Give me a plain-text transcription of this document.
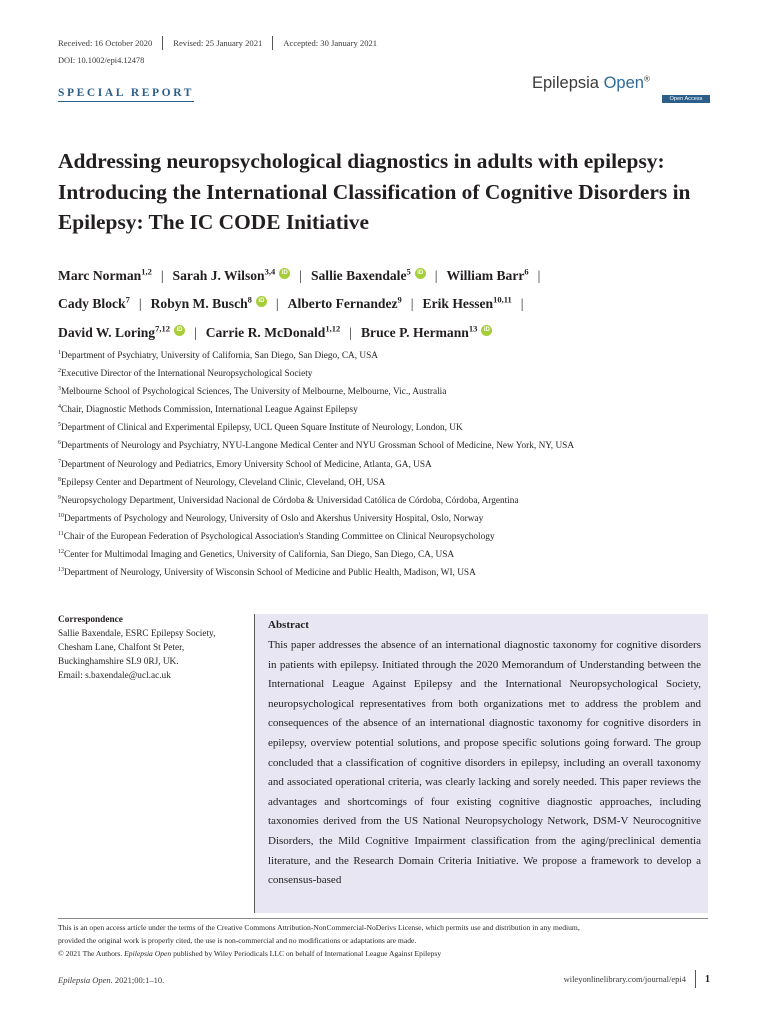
Received: 16 October 2020	Revised: 25 January 2021	Accepted: 30 January 2021
DOI: 10.1002/epi4.12478
SPECIAL REPORT
Epilepsia Open®
Open Access
Addressing neuropsychological diagnostics in adults with epilepsy: Introducing the International Classification of Cognitive Disorders in Epilepsy: The IC CODE Initiative
Marc Norman$^{1,2}$ | Sarah J. Wilson$^{3,4}$ iD | Sallie Baxendale$^5$ iD | William Barr$^6$ |
Cady Block$^7$ | Robyn M. Busch$^8$ iD | Alberto Fernandez$^9$ | Erik Hessen$^{10,11}$ |
David W. Loring$^{7,12}$ iD | Carrie R. McDonald$^{1,12}$ | Bruce P. Hermann$^{13}$iD
$^1$Department of Psychiatry, University of California, San Diego, San Diego, CA, USA
$^2$Executive Director of the International Neuropsychological Society
$^3$Melbourne School of Psychological Sciences, The University of Melbourne, Melbourne, Vic., Australia
$^4$Chair, Diagnostic Methods Commission, International League Against Epilepsy
$^5$Department of Clinical and Experimental Epilepsy, UCL Queen Square Institute of Neurology, London, UK
$^6$Departments of Neurology and Psychiatry, NYU-Langone Medical Center and NYU Grossman School of Medicine, New York, NY, USA
$^7$Department of Neurology and Pediatrics, Emory University School of Medicine, Atlanta, GA, USA
$^8$Epilepsy Center and Department of Neurology, Cleveland Clinic, Cleveland, OH, USA
$^9$Neuropsychology Department, Universidad Nacional de Córdoba & Universidad Católica de Córdoba, Córdoba, Argentina
$^{10}$Departments of Psychology and Neurology, University of Oslo and Akershus University Hospital, Oslo, Norway
$^{11}$Chair of the European Federation of Psychological Association's Standing Committee on Clinical Neuropsychology
$^{12}$Center for Multimodal Imaging and Genetics, University of California, San Diego, San Diego, CA, USA
$^{13}$Department of Neurology, University of Wisconsin School of Medicine and Public Health, Madison, WI, USA
Correspondence
Sallie Baxendale, ESRC Epilepsy Society,
Chesham Lane, Chalfont St Peter,
Buckinghamshire SL9 0RJ, UK.
Email: s.baxendale@ucl.ac.uk
Abstract
This paper addresses the absence of an international diagnostic taxonomy for cognitive disorders in patients with epilepsy. Initiated through the 2020 Memorandum of Understanding between the International League Against Epilepsy and the International Neuropsychological Society, neuropsychological representatives from both organizations met to address the problem and consequences of the absence of an international diagnostic taxonomy for cognitive disorders in epilepsy, overview potential solutions, and propose specific solutions going forward. The group concluded that a classification of cognitive disorders in epilepsy, including an overall taxonomy and associated operational criteria, was clearly lacking and sorely needed. This paper reviews the advantages and shortcomings of four existing cognitive diagnostic approaches, including taxonomies derived from the US National Neuropsychology Network, DSM-V Neurocognitive Disorders, the Mild Cognitive Impairment classification from the aging/preclinical dementia literature, and the Research Domain Criteria Initiative. We propose a framework to develop a consensus-based
This is an open access article under the terms of the Creative Commons Attribution-NonCommercial-NoDerivs License, which permits use and distribution in any medium,
provided the original work is properly cited, the use is non-commercial and no modifications or adaptations are made.
© 2021 The Authors. Epilepsia Open published by Wiley Periodicals LLC on behalf of International League Against Epilepsy
Epilepsia Open. 2021;00:1–10.	wileyonlinelibrary.com/journal/epi4 1
